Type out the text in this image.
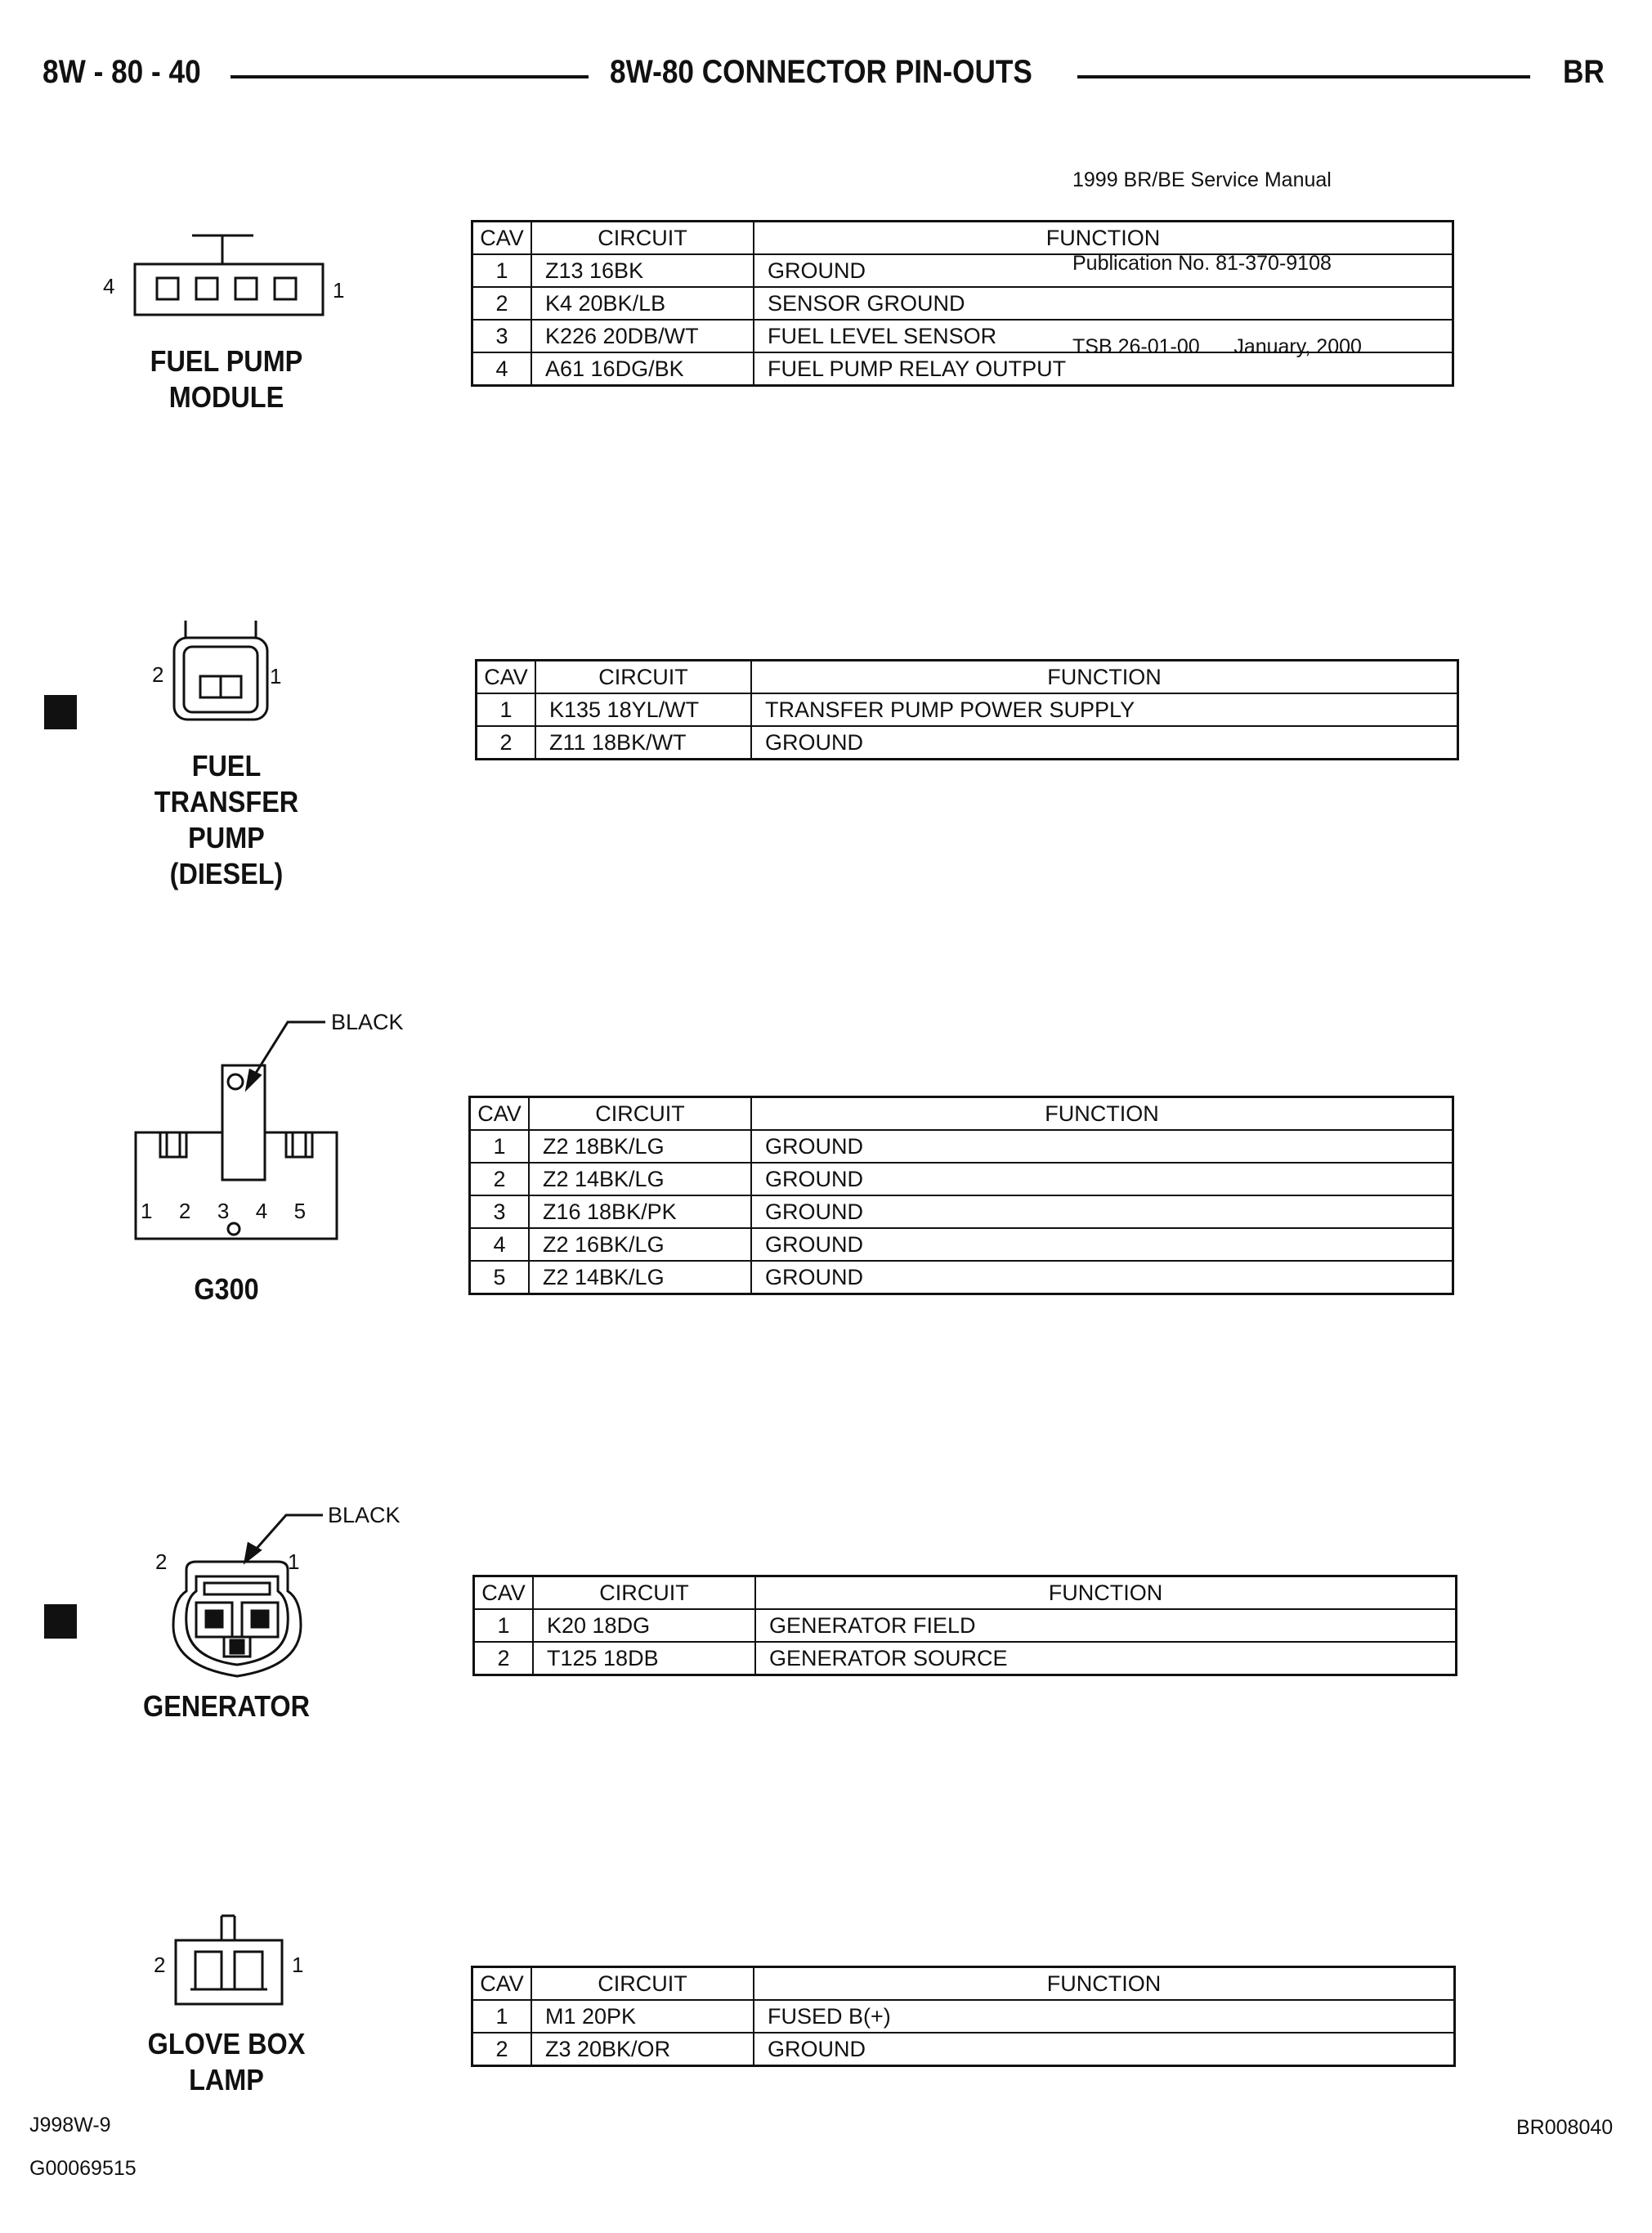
8W - 80 - 40	8W-80 CONNECTOR PIN-OUTS	BR

1999 BR/BE Service Manual

Publication No. 81-370-9108

TSB 26-01-00      January, 2000

4	1
FUEL PUMP
MODULE
CAV	CIRCUIT	FUNCTION
1	Z13 16BK	GROUND
2	K4 20BK/LB	SENSOR GROUND
3	K226 20DB/WT	FUEL LEVEL SENSOR
4	A61 16DG/BK	FUEL PUMP RELAY OUTPUT
2	1
FUEL
TRANSFER
PUMP
(DIESEL)
CAV	CIRCUIT	FUNCTION
1	K135 18YL/WT	TRANSFER PUMP POWER SUPPLY
2	Z11 18BK/WT	GROUND
BLACK
1  2  3  4  5
G300
CAV	CIRCUIT	FUNCTION
1	Z2 18BK/LG	GROUND
2	Z2 14BK/LG	GROUND
3	Z16 18BK/PK	GROUND
4	Z2 16BK/LG	GROUND
5	Z2 14BK/LG	GROUND
BLACK
2	1
GENERATOR
CAV	CIRCUIT	FUNCTION
1	K20 18DG	GENERATOR FIELD
2	T125 18DB	GENERATOR SOURCE
2	1
GLOVE BOX
LAMP
CAV	CIRCUIT	FUNCTION
1	M1 20PK	FUSED B(+)
2	Z3 20BK/OR	GROUND
J998W-9	BR008040
G00069515
